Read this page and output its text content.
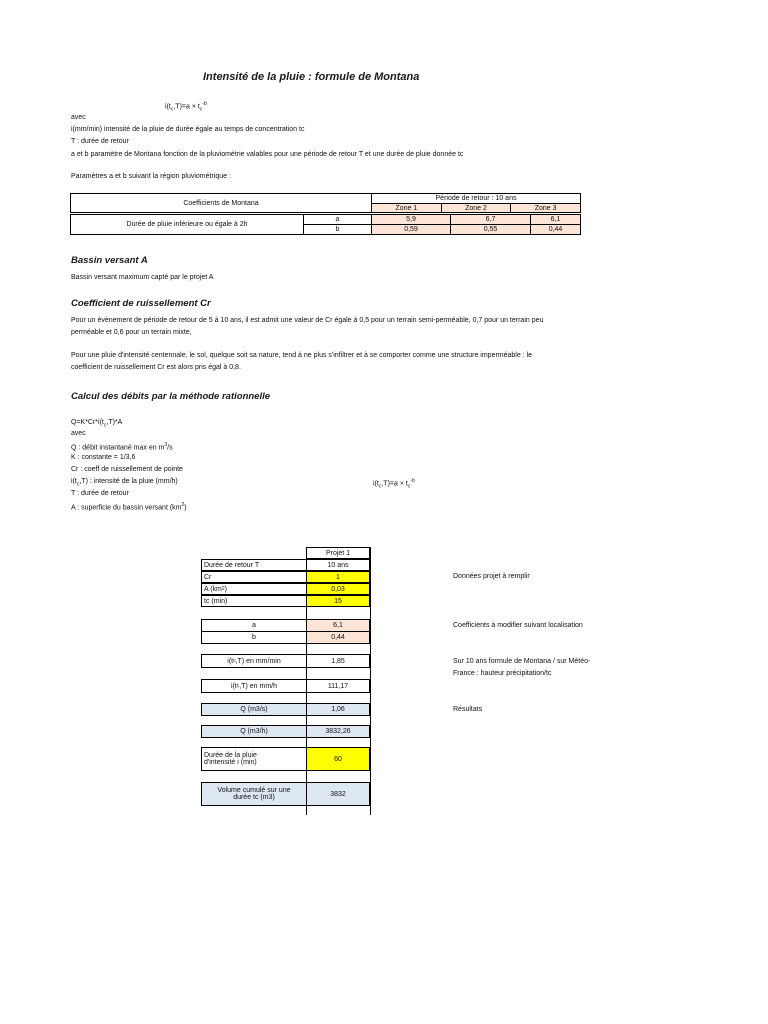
Intensité de la pluie : formule de Montana
$i(t_c,T)=a \times t_c^{-b}$
avec
i(mm/min) intensité de la pluie de durée égale au temps de concentration tc
T : durée de retour
a et b paramètre de Montana fonction de la pluviométrie valables pour une période de retour T et une durée de pluie donnée tc
Paramètres a et b suivant la région pluviométrique :
Coefficients de Montana	Période de retour : 10 ans		
	Zone 1	Zone 2	Zone 3
Durée de pluie inférieure ou égale à 2h	a	5,9	6,7	6,1
	b	0,59	0,55	0,44
Bassin versant A
Bassin versant maximum capté par le projet A
Coefficient de ruissellement Cr
Pour un évènement de période de retour de 5 à 10 ans, il est admit une valeur de Cr égale à 0,5 pour un terrain semi-perméable, 0,7 pour un terrain peu
perméable et 0,6 pour un terrain mixte,
Pour une pluie d'intensité centennale, le sol, quelque soit sa nature, tend à ne plus s'infiltrer et à se comporter comme une structure imperméable : le
coefficient de ruissellement Cr est alors pris égal à 0,8.
Calcul des débits par la méthode rationnelle
$Q=K*Cr*i(t_c,T)*A$
avec
Q : débit instantané max en $m^3/s$
K : constante = 1/3,6
Cr : coeff de ruissellement de pointe
$i(t_c,T)$ : intensité de la pluie (mm/h)	$i(t_c,T)=a \times t_c^{-b}$
T : durée de retour
A : superficie du bassin versant $(km^2)$
Projet 1
Durée de retour T	10 ans
Cr	1
A (km 2 )	0,03
tc (min)	15
Données projet à remplir
a	6,1
b	0,44
Coefficients à modifier suivant localisation
i(t c ,T) en mm/min	1,85	Sur 10 ans formule de Montana / sur Météo-
France : hauteur précipitation/tc
i(t c ,T) en mm/h	111,17
Q (m3/s)	1,06	Résultats
Q (m3/h)	3832,26
Durée de la pluie
d'intensité i (min)	60
Volume cumulé sur une
durée tc (m3)	3832
